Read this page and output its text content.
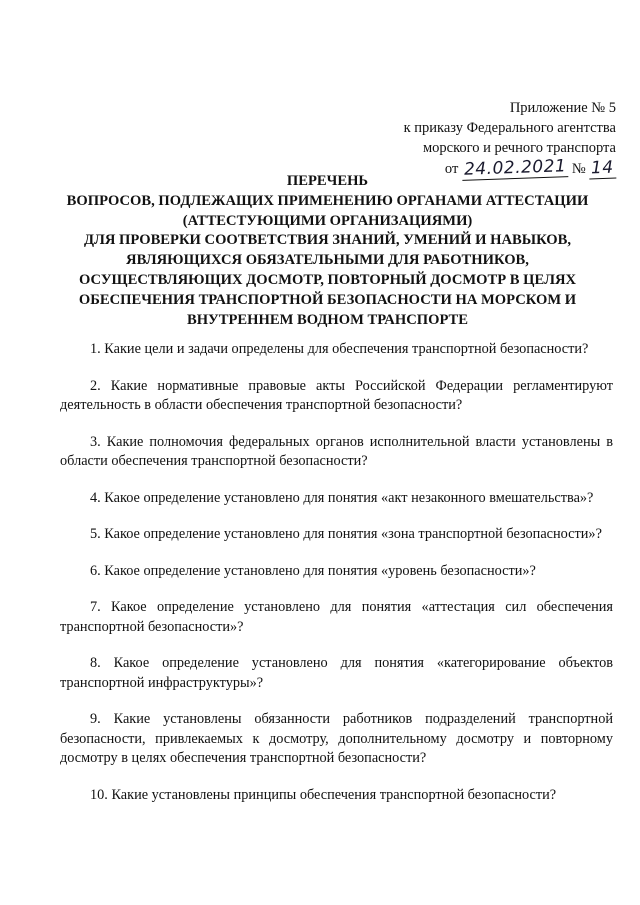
Приложение № 5
к приказу Федерального агентства
морского и речного транспорта
от 24.02.2021 № 14
ПЕРЕЧЕНЬ
ВОПРОСОВ, ПОДЛЕЖАЩИХ ПРИМЕНЕНИЮ ОРГАНАМИ АТТЕСТАЦИИ
(АТТЕСТУЮЩИМИ ОРГАНИЗАЦИЯМИ)
ДЛЯ ПРОВЕРКИ СООТВЕТСТВИЯ ЗНАНИЙ, УМЕНИЙ И НАВЫКОВ,
ЯВЛЯЮЩИХСЯ ОБЯЗАТЕЛЬНЫМИ ДЛЯ РАБОТНИКОВ,
ОСУЩЕСТВЛЯЮЩИХ ДОСМОТР, ПОВТОРНЫЙ ДОСМОТР В ЦЕЛЯХ
ОБЕСПЕЧЕНИЯ ТРАНСПОРТНОЙ БЕЗОПАСНОСТИ НА МОРСКОМ И
ВНУТРЕННЕМ ВОДНОМ ТРАНСПОРТЕ

1. Какие цели и задачи определены для обеспечения транспортной безопасности?

2. Какие нормативные правовые акты Российской Федерации регламентируют деятельность в области обеспечения транспортной безопасности?

3. Какие полномочия федеральных органов исполнительной власти установлены в области обеспечения транспортной безопасности?

4. Какое определение установлено для понятия «акт незаконного вмешательства»?

5. Какое определение установлено для понятия «зона транспортной безопасности»?

6. Какое определение установлено для понятия «уровень безопасности»?

7. Какое определение установлено для понятия «аттестация сил обеспечения транспортной безопасности»?

8. Какое определение установлено для понятия «категорирование объектов транспортной инфраструктуры»?

9. Какие установлены обязанности работников подразделений транспортной безопасности, привлекаемых к досмотру, дополнительному досмотру и повторному досмотру в целях обеспечения транспортной безопасности?

10. Какие установлены принципы обеспечения транспортной безопасности?
